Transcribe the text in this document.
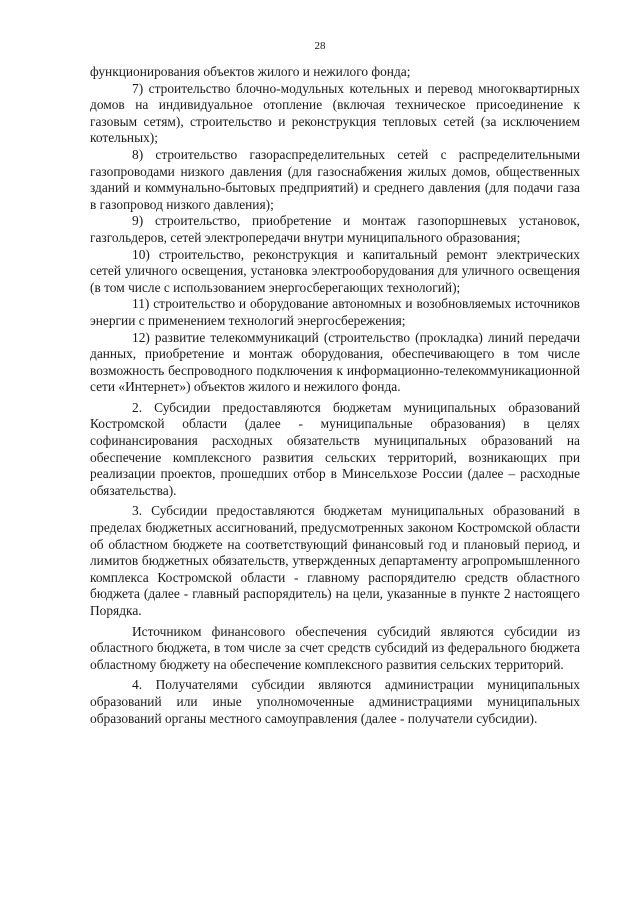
28

функционирования объектов жилого и нежилого фонда;

7) строительство блочно-модульных котельных и перевод многоквартирных домов на индивидуальное отопление (включая техническое присоединение к газовым сетям), строительство и реконструкция тепловых сетей (за исключением котельных);

8) строительство газораспределительных сетей с распределительными газопроводами низкого давления (для газоснабжения жилых домов, общественных зданий и коммунально-бытовых предприятий) и среднего давления (для подачи газа в газопровод низкого давления);

9) строительство, приобретение и монтаж газопоршневых установок, газгольдеров, сетей электропередачи внутри муниципального образования;

10) строительство, реконструкция и капитальный ремонт электрических сетей уличного освещения, установка электрооборудования для уличного освещения (в том числе с использованием энергосберегающих технологий);

11) строительство и оборудование автономных и возобновляемых источников энергии с применением технологий энергосбережения;

12) развитие телекоммуникаций (строительство (прокладка) линий передачи данных, приобретение и монтаж оборудования, обеспечивающего в том числе возможность беспроводного подключения к информационно-телекоммуникационной сети «Интернет») объектов жилого и нежилого фонда.

2. Субсидии предоставляются бюджетам муниципальных образований Костромской области (далее - муниципальные образования) в целях софинансирования расходных обязательств муниципальных образований на обеспечение комплексного развития сельских территорий, возникающих при реализации проектов, прошедших отбор в Минсельхозе России (далее – расходные обязательства).

3. Субсидии предоставляются бюджетам муниципальных образований в пределах бюджетных ассигнований, предусмотренных законом Костромской области об областном бюджете на соответствующий финансовый год и плановый период, и лимитов бюджетных обязательств, утвержденных департаменту агропромышленного комплекса Костромской области - главному распорядителю средств областного бюджета (далее - главный распорядитель) на цели, указанные в пункте 2 настоящего Порядка.

Источником финансового обеспечения субсидий являются субсидии из областного бюджета, в том числе за счет средств субсидий из федерального бюджета областному бюджету на обеспечение комплексного развития сельских территорий.

4. Получателями субсидии являются администрации муниципальных образований или иные уполномоченные администрациями муниципальных образований органы местного самоуправления (далее - получатели субсидии).
